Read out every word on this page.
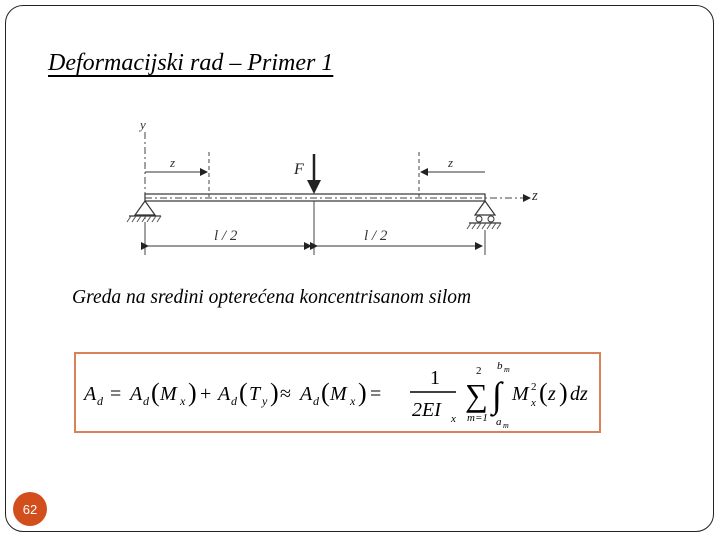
Deformacijski rad – Primer 1
y
z
F
z	z
l / 2	l / 2
Greda na sredini opterećena koncentrisanom silom
A d = A d ( M x ) + A d ( T y ) ≈ A d ( M x ) =
1
2EI x
2
∑
m=1
b m
∫
a m
M 2
x ( z ) dz
62
